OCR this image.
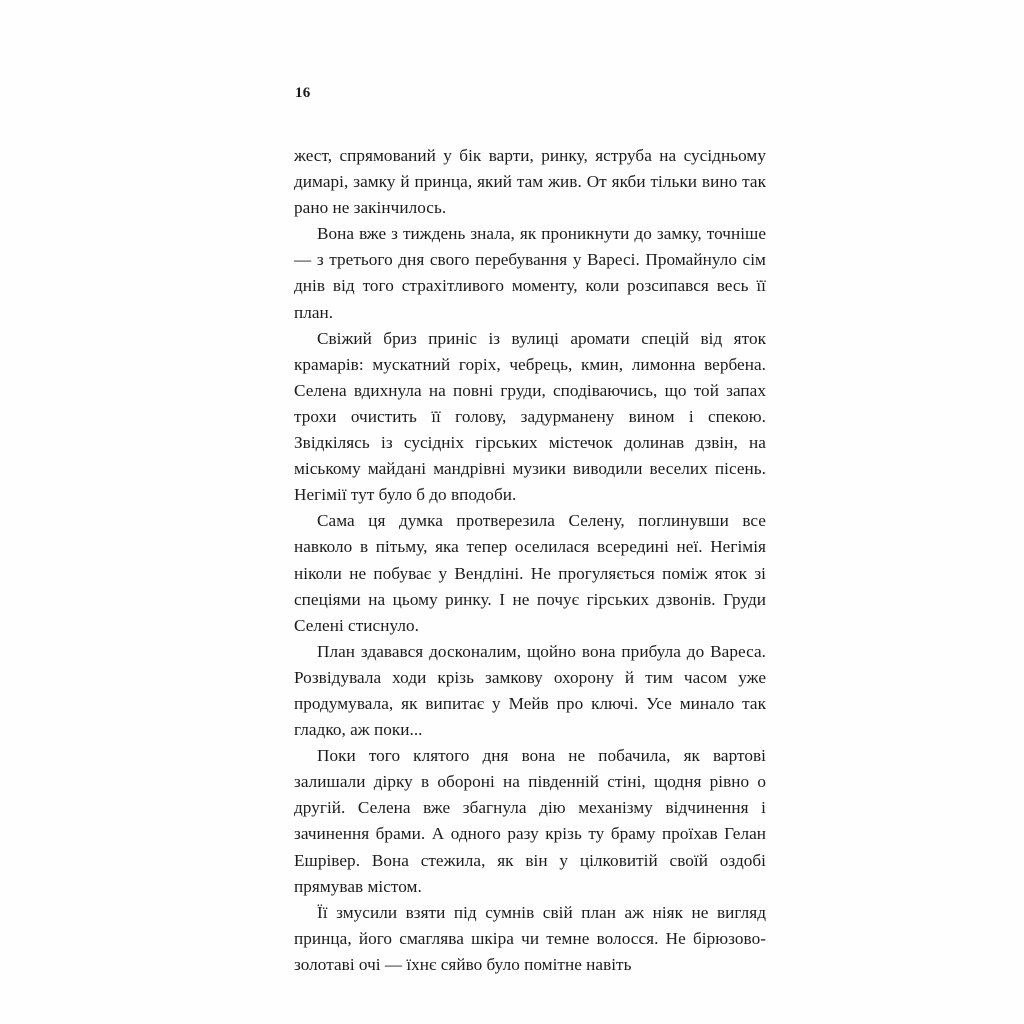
16

жест, спрямований у бік варти, ринку, яструба на сусідньому димарі, замку й принца, який там жив. От якби тільки вино так рано не закінчилось.

Вона вже з тиждень знала, як проникнути до замку, точніше — з третього дня свого перебування у Варесі. Промайнуло сім днів від того страхітливого моменту, коли розсипався весь її план.

Свіжий бриз приніс із вулиці аромати спецій від яток крамарів: мускатний горіх, чебрець, кмин, лимонна вербена. Селена вдихнула на повні груди, сподіваючись, що той запах трохи очистить її голову, задурманену вином і спекою. Звідкілясь із сусідніх гірських містечок долинав дзвін, на міському майдані мандрівні музики виводили веселих пісень. Негімії тут було б до вподоби.

Сама ця думка протверезила Селену, поглинувши все навколо в пітьму, яка тепер оселилася всередині неї. Негімія ніколи не побуває у Вендліні. Не прогуляється поміж яток зі спеціями на цьому ринку. І не почує гірських дзвонів. Груди Селені стиснуло.

План здавався досконалим, щойно вона прибула до Вареса. Розвідувала ходи крізь замкову охорону й тим часом уже продумувала, як випитає у Мейв про ключі. Усе минало так гладко, аж поки...

Поки того клятого дня вона не побачила, як вартові залишали дірку в обороні на південній стіні, щодня рівно о другій. Селена вже збагнула дію механізму відчинення і зачинення брами. А одного разу крізь ту браму проїхав Гелан Ешрівер. Вона стежила, як він у цілковитій своїй оздобі прямував містом.

Її змусили взяти під сумнів свій план аж ніяк не вигляд принца, його смаглява шкіра чи темне волосся. Не бірюзово-золотаві очі — їхнє сяйво було помітне навіть
